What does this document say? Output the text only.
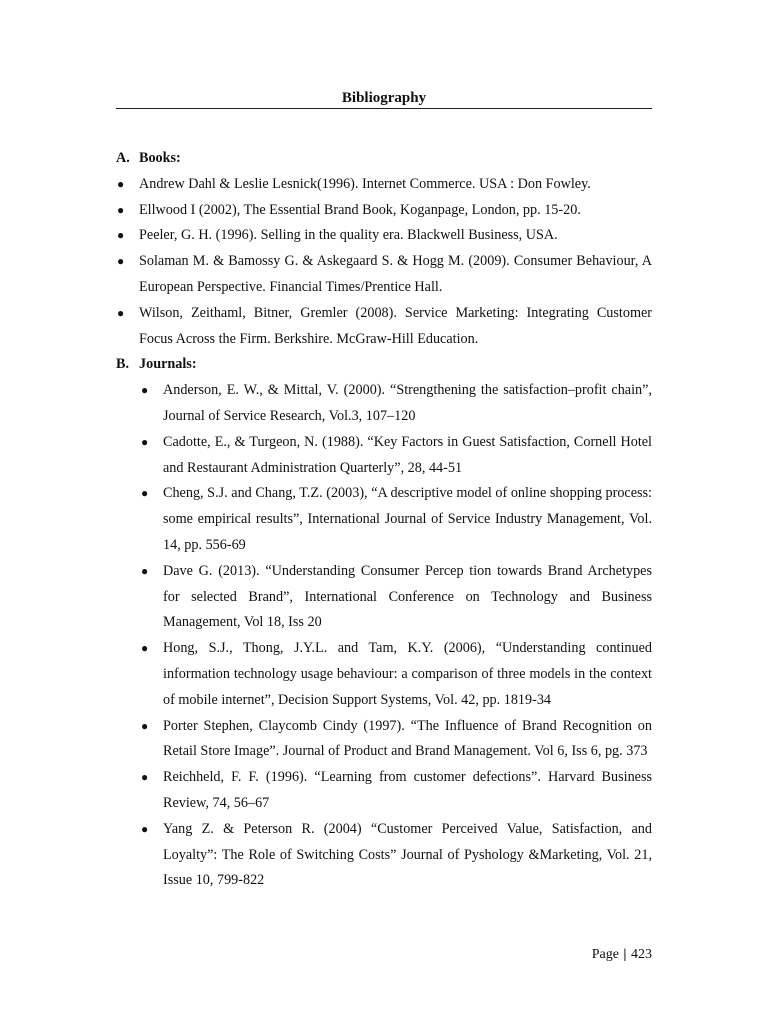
Bibliography
A. Books:
● Andrew Dahl & Leslie Lesnick(1996). Internet Commerce. USA : Don Fowley.
● Ellwood I (2002), The Essential Brand Book, Koganpage, London, pp. 15-20.
● Peeler, G. H. (1996). Selling in the quality era. Blackwell Business, USA.
● Solaman M. & Bamossy G. & Askegaard S. & Hogg M. (2009). Consumer Behaviour, A European Perspective. Financial Times/Prentice Hall.
● Wilson, Zeithaml, Bitner, Gremler (2008). Service Marketing: Integrating Customer Focus Across the Firm. Berkshire. McGraw-Hill Education.
B. Journals:
● Anderson, E. W., & Mittal, V. (2000). “Strengthening the satisfaction–profit chain”, Journal of Service Research, Vol.3, 107–120
● Cadotte, E., & Turgeon, N. (1988). “Key Factors in Guest Satisfaction, Cornell Hotel and Restaurant Administration Quarterly”, 28, 44-51
● Cheng, S.J. and Chang, T.Z. (2003), “A descriptive model of online shopping process: some empirical results”, International Journal of Service Industry Management, Vol. 14, pp. 556-69
● Dave G. (2013). “Understanding Consumer Percep tion towards Brand Archetypes for selected Brand”, International Conference on Technology and Business Management, Vol 18, Iss 20
● Hong, S.J., Thong, J.Y.L. and Tam, K.Y. (2006), “Understanding continued information technology usage behaviour: a comparison of three models in the context of mobile internet”, Decision Support Systems, Vol. 42, pp. 1819-34
● Porter Stephen, Claycomb Cindy (1997). “The Influence of Brand Recognition on Retail Store Image”. Journal of Product and Brand Management. Vol 6, Iss 6, pg. 373
● Reichheld, F. F. (1996). “Learning from customer defections”. Harvard Business Review, 74, 56–67
● Yang Z. & Peterson R. (2004) “Customer Perceived Value, Satisfaction, and Loyalty”: The Role of Switching Costs” Journal of Pyshology &Marketing, Vol. 21, Issue 10, 799-822
Page | 423
